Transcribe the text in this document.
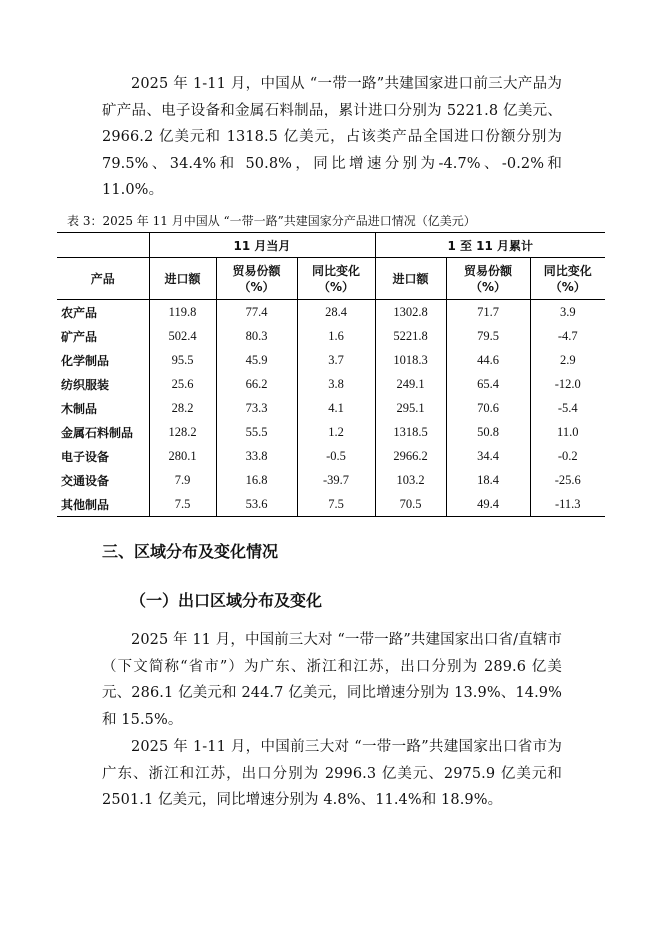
2025 年 1-11 月，中国从 “一带一路”共建国家进口前三大产品为矿产品、电子设备和金属石料制品，累计进口分别为 5221.8 亿美元、2966.2 亿美元和 1318.5 亿美元，占该类产品全国进口份额分别为 79.5%、34.4%和 50.8%，同比增速分别为-4.7%、-0.2%和 11.0%。

表 3：2025 年 11 月中国从 “一带一路”共建国家分产品进口情况（亿美元）
	11 月当月			1 至 11 月累计		
产品	进口额	贸易份额（%）	同比变化（%）	进口额	贸易份额（%）	同比变化（%）
农产品	119.8	77.4	28.4	1302.8	71.7	3.9
矿产品	502.4	80.3	1.6	5221.8	79.5	-4.7
化学制品	95.5	45.9	3.7	1018.3	44.6	2.9
纺织服装	25.6	66.2	3.8	249.1	65.4	-12.0
木制品	28.2	73.3	4.1	295.1	70.6	-5.4
金属石料制品	128.2	55.5	1.2	1318.5	50.8	11.0
电子设备	280.1	33.8	-0.5	2966.2	34.4	-0.2
交通设备	7.9	16.8	-39.7	103.2	18.4	-25.6
其他制品	7.5	53.6	7.5	70.5	49.4	-11.3
三、区域分布及变化情况
（一）出口区域分布及变化

2025 年 11 月，中国前三大对 “一带一路”共建国家出口省/直辖市（下文简称“省市”）为广东、浙江和江苏，出口分别为 289.6 亿美元、286.1 亿美元和 244.7 亿美元，同比增速分别为 13.9%、14.9%和 15.5%。

2025 年 1-11 月，中国前三大对 “一带一路”共建国家出口省市为广东、浙江和江苏，出口分别为 2996.3 亿美元、2975.9 亿美元和 2501.1 亿美元，同比增速分别为 4.8%、11.4%和 18.9%。
